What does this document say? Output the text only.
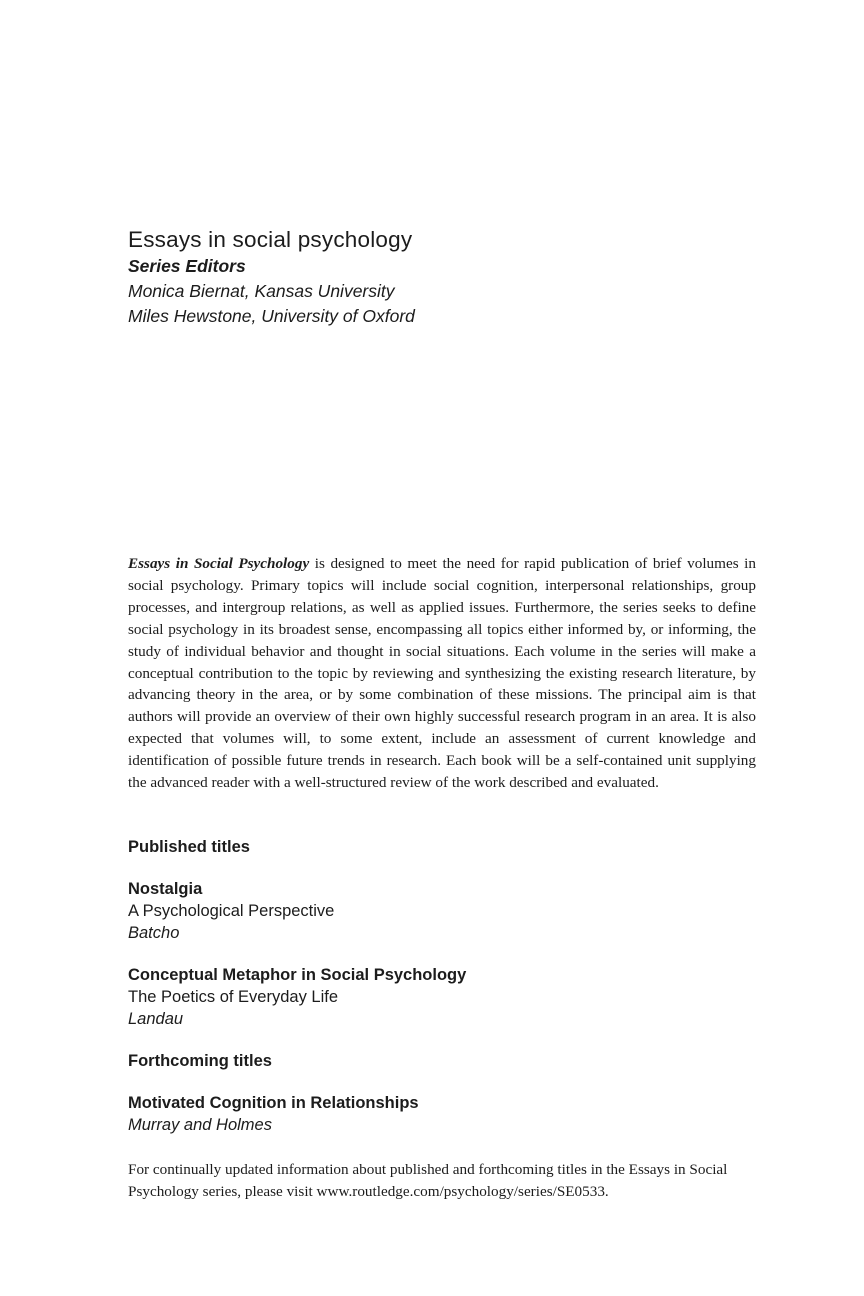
Essays in social psychology

Series Editors

Monica Biernat, Kansas University

Miles Hewstone, University of Oxford

Essays in Social Psychology is designed to meet the need for rapid publication of brief volumes in social psychology. Primary topics will include social cognition, interpersonal relationships, group processes, and intergroup relations, as well as applied issues. Furthermore, the series seeks to define social psychology in its broadest sense, encompassing all topics either informed by, or informing, the study of individual behavior and thought in social situations. Each volume in the series will make a conceptual contribution to the topic by reviewing and synthesizing the existing research literature, by advancing theory in the area, or by some combination of these missions. The principal aim is that authors will provide an overview of their own highly successful research program in an area. It is also expected that volumes will, to some extent, include an assessment of current knowledge and identification of possible future trends in research. Each book will be a self-contained unit supplying the advanced reader with a well-structured review of the work described and evaluated.

Published titles

Nostalgia

A Psychological Perspective

Batcho

Conceptual Metaphor in Social Psychology

The Poetics of Everyday Life

Landau

Forthcoming titles

Motivated Cognition in Relationships

Murray and Holmes

For continually updated information about published and forthcoming titles in the Essays in Social Psychology series, please visit www.routledge.com/psychology/series/SE0533.
